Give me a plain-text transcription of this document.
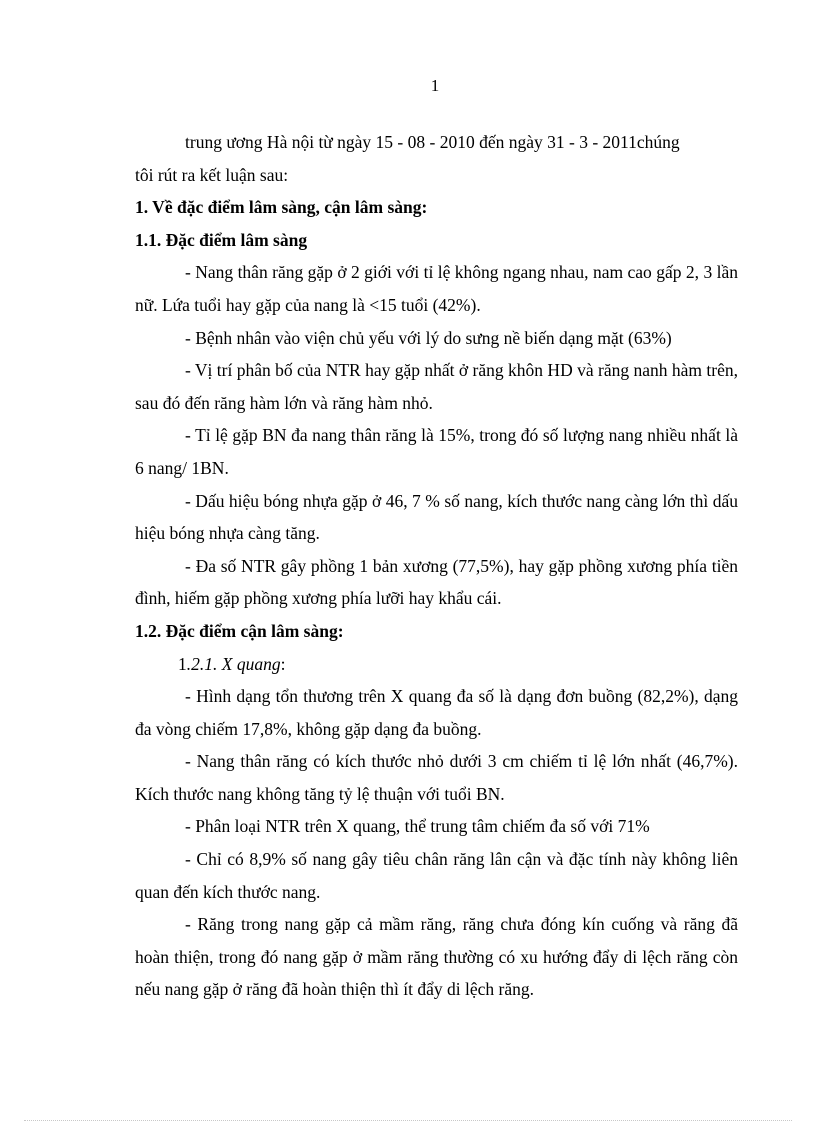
1

trung ương Hà nội từ ngày 15 - 08 - 2010 đến ngày 31 - 3 - 2011chúng

tôi rút ra kết luận sau:

1. Về đặc điểm lâm sàng, cận lâm sàng:

1.1. Đặc điểm lâm sàng

- Nang thân răng gặp ở 2 giới với tỉ lệ không ngang nhau, nam cao gấp 2, 3 lần nữ. Lứa tuổi hay gặp của nang là <15 tuổi (42%).

- Bệnh nhân vào viện chủ yếu với lý do sưng nề biến dạng mặt (63%)

- Vị trí phân bố của NTR hay gặp nhất ở răng khôn HD và răng nanh hàm trên, sau đó đến răng hàm lớn và răng hàm nhỏ.

- Tỉ lệ gặp BN đa nang thân răng là 15%, trong đó số lượng nang nhiều nhất là 6 nang/ 1BN.

- Dấu hiệu bóng nhựa gặp ở 46, 7 % số nang, kích thước nang càng lớn thì dấu hiệu bóng nhựa càng tăng.

- Đa số NTR gây phồng 1 bản xương (77,5%), hay gặp phồng xương phía tiền đình, hiếm gặp phồng xương phía lưỡi hay khẩu cái.

1.2. Đặc điểm cận lâm sàng:

1.2.1. X quang:

- Hình dạng tổn thương trên X quang đa số là dạng đơn buồng (82,2%), dạng đa vòng chiếm 17,8%, không gặp dạng đa buồng.

- Nang thân răng có kích thước nhỏ dưới 3 cm chiếm tỉ lệ lớn nhất (46,7%). Kích thước nang không tăng tỷ lệ thuận với tuổi BN.

- Phân loại NTR trên X quang, thể trung tâm chiếm đa số với 71%

- Chỉ có 8,9% số nang gây tiêu chân răng lân cận và đặc tính này không liên quan đến kích thước nang.

- Răng trong nang gặp cả mầm răng, răng chưa đóng kín cuống và răng đã hoàn thiện, trong đó nang gặp ở mầm răng thường có xu hướng đẩy di lệch răng còn nếu nang gặp ở răng đã hoàn thiện thì ít đẩy di lệch răng.
